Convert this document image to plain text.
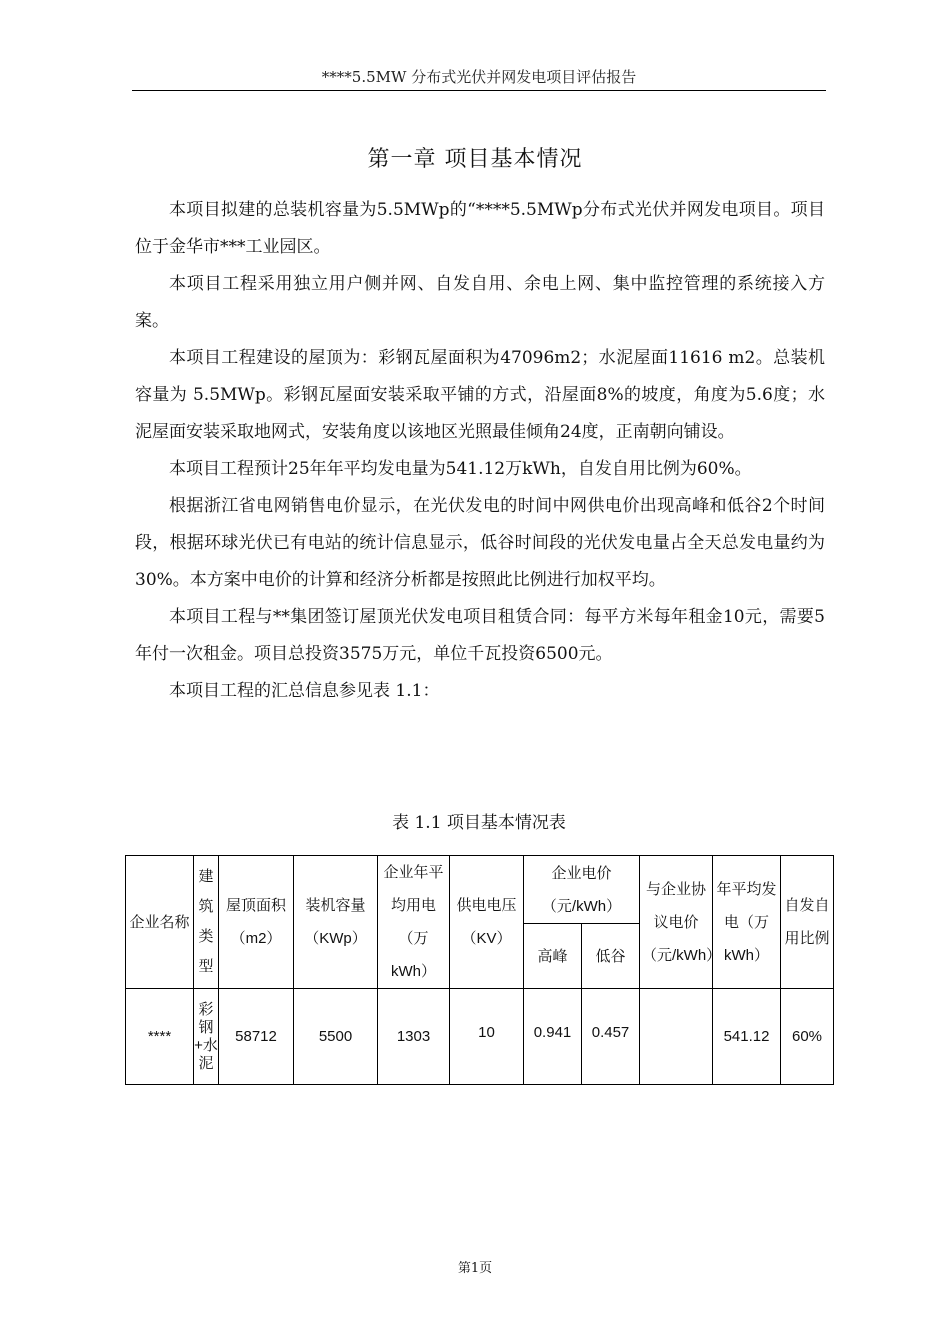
****5.5MW 分布式光伏并网发电项目评估报告
第一章 项目基本情况

本项目拟建的总装机容量为5.5MWp的“****5.5MWp分布式光伏并网发电项目。项目位于金华市***工业园区。

本项目工程采用独立用户侧并网、自发自用、余电上网、集中监控管理的系统接入方案。

本项目工程建设的屋顶为：彩钢瓦屋面积为47096m2；水泥屋面11616 m2。总装机容量为 5.5MWp。彩钢瓦屋面安装采取平铺的方式，沿屋面8%的坡度，角度为5.6度；水泥屋面安装采取地网式，安装角度以该地区光照最佳倾角24度，正南朝向铺设。

本项目工程预计25年年平均发电量为541.12万kWh，自发自用比例为60%。

根据浙江省电网销售电价显示，在光伏发电的时间中网供电价出现高峰和低谷2个时间段，根据环球光伏已有电站的统计信息显示，低谷时间段的光伏发电量占全天总发电量约为30%。本方案中电价的计算和经济分析都是按照此比例进行加权平均。

本项目工程与**集团签订屋顶光伏发电项目租赁合同：每平方米每年租金10元，需要5年付一次租金。项目总投资3575万元，单位千瓦投资6500元。

本项目工程的汇总信息参见表 1.1：

表 1.1 项目基本情况表
企业名称	建筑类型	屋顶面积（m2）	装机容量（KWp）	企业年平均用电（万kWh）	供电电压（KV）	企业电价（元/kWh）		与企业协议电价（元/kWh）	年平均发电（万kWh）	自发自用比例
						高峰	低谷			
****	彩钢+水泥	58712	5500	1303	10	0.941	0.457		541.12	60%
第1页
